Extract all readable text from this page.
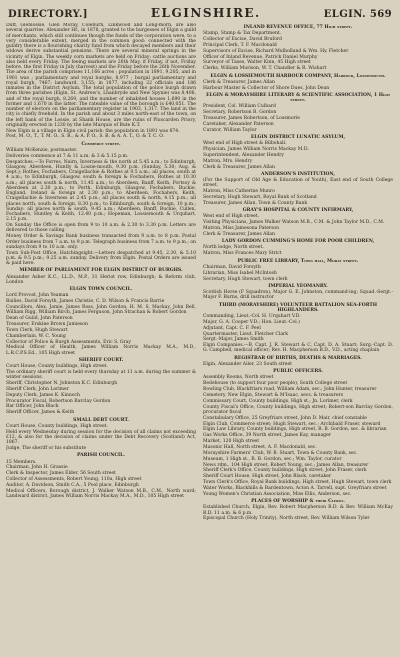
DIRECTORY.]	ELGINSHIRE.	ELGIN. 569

Duff, Glenlossie, Glen Moray, Coleburn, Linkwood and Long-morn, are also several quarries. Alexander Hf., in 1878, granted to the burgesses of Elgin a guild of merchants, which still continues though the funds of the corporation were, to a very considerable extent, merged in the common good: connected with the guildry there is a flourishing charity fund from which decayed members and their widows derive substantial pensions. There are several mineral springs in the vicinity of Elgin. The weekly corn markets are held on Friday: cattle auctions are also held every Friday. The feeing markets are 26th May, if Friday, if not, Friday before, the first Friday in July (harvest) and the Friday before the 26th November. The area of the parish comprises 11,166 acres ; population in 1891, 9,285, and in 1901 was ; parliamentary and royal burghs, 8,977 ; burgal parliamentary and royal burgh, 7467; landward, 3,155; in 1877, including 22 officials and 186 inmates in the District Asylum. The total population of the police burgh drawn from three parishes (Elgin, St. Andrew's, Lhanbryde and New Spynie) was 8,406, and of the royal burgh, 8,269, and the number of inhabited houses 1,690 in the former and 1,670 in the latter. The rateable value of the borough is £40,051. The number of electors on the parliamentary register in 1903, 1,317. The land in the city is chiefly freehold. In the parish and about 3 miles north-east of the town, on the left bank of the Lossie, at Shank House, are the ruins of Pluscarden Priory, originally erected in 1230 by the late Marquis of Bute K.T.

New Elgin is a village in Elgin civil parish: the population in 1891 was 874.

Post, M. O., T., T. M. O., S. B., & A. P. O., S. B. & A. A. T., O. & T. C. O.

Commerce street.

William McKenzie, postmaster.

Deliveries commence at 7 & 11 a.m. & 3 & 5.15 p.m.

Despatches.—To Forres, Nairn, Inverness & the north at 5.45 a.m.; to Edinburgh, Glasgow, Aberdeen, Huntly & Lossie-mouth, 9.30 p.m. (Sunday, 5.30; Aug. & Sept.); Rothes, Fochabers, Craigellachie & Rothes at 9.5 a.m.; all places, south at 4 a.m.; to Edinburgh, Glasgow, south & foreign & Fochabers, Rothes at 10.30 a.m.; all places south & north, 11.45 a.m.; to Aberdeen, Banff, Keith, Portsoy & Aberdeen at 2.30 p.m.; to Perth, Edinburgh, Glasgow, Fochabers, Buckie, England, Ireland & foreign at 2.30 p.m.; to Aberdeen, Fochabers, Keith, Craigellachie & Inverness at 2.45 p.m.; all places south & north, 4.15 p.m.; all places north, south & foreign, 8.30 p.m.; to Edinburgh, south & foreign, 10 p.m.; Sunday: all places north & south, 9.45 a.m.; Aberdeen, Banff, Buckie, Cullen, Fochabers, Huntley & Keith, 12.40 p.m.; Hopeman, Lossiemouth & Urquhart, 2.15 p.m.

On Sunday the Office is open from 9 to 10 a.m. & 2.30 to 3.30 p.m. Letters are delivered to those calling.

Money Order & Savings Bank business transacted from 9 a.m. to 8 p.m. Postal Order business from 7 a.m. to 9 p.m. Telegraph business from 7 a.m. to 9 p.m.; on sundays from 9 to 10 a.m. only.

Town Sub-Post Office, Hatchingsight.—Letters despatched at 9.45, 2.30, & 5.10 p.m. & 9.5 p.m.; 9.25 a.m. sunday. Delivery from Elgin. Postal Orders are issued & paid here.

MEMBER OF PARLIAMENT FOR ELGIN DISTRICT OF BURGHS.

Alexander Asher K.C., LL.D., M.P., 31 Heriot row, Edinburgh; & Reform club, London

ELGIN TOWN COUNCIL.

Lord Provost, John Yeaman

Bailies, David Forsyth, James Christie, C. D. Wilson & Francis Barrie

Councillors, Alex. Jamie, James Ross, John Gordon, H. M. S. Mackay, John Bell, William Rigg, William Birch, James Ferguson, John Strachan & Robert Gordon

Dean of Guild, John Paterson

Treasurer, Erskine Brown Jamieson

Town Clerk, Hugh Stewart

Chamberlain, W. C. Young

Collector of Police & Burgh Assessments, Eric S. Gray

Medical Officer of Health, James William Norris Mackay M.A., M.D., L.R.C.P.S.Ed., 105 High street

SHERIFF COURT.

Court House, County buildings, High street.

The ordinary sheriff court is held every thursday at 11 a.m. during the summer & winter sessions.

Sheriff, Christopher N. Johnston K.C. Edinburgh

Sheriff Clerk, John Lorimer

Deputy Clerk, James K. Kinnoch

Procurator Fiscal, Robertson Barclay Gordon

Bar Officer, John Black

Sheriff Officer, James & Keith

SMALL DEBT COURT.

Court House, County buildings, High street.

Held every Wednesday during session for the decision of all claims not exceeding £12, & also for the decision of claims under the Debt Recovery (Scotland) Act, 1867.

Judge, The sheriff or his substitute

PARISH COUNCIL.

15 Members.

Chairman, John H. Grassie

Clerk & Inspector, James Elder, 56 South street

Collector of Assessments, Robert Young, 110a, High street

Auditor, A. Davidson, Smith C.A., 5 Pool place, Edinburgh

Medical Officers, Borough district, J. Walker Watson M.B., C.M., North ward; Landward district, James William Norris Mackay M.A., M.D., 105 High street

INLAND REVENUE OFFICE, 77 High street.

Stamp, Stamp & Tax Department.

Collector of Excise, David Bruford

Principal Clerk, T. F. Macdonald

Supervisors of Excise, Richard Mulholland & Wm. Hy. Fletcher

Officer of Inland Revenue, Patrick Daniel Murphy

Surveyor of Taxes, Walter Kinn, 45 High street

Clerks, William Murison, W. T. Chandler & R. Wishart

ELGIN & LOSSIEMOUTH HARBOUR COMPANY, Harbour, Lossiemouth.

Clerk & Treasurer, James Allan

Harbour Master & Collector of Shore Dues, John Dean

ELGIN & MORAYSHIRE LITERARY & SCIENTIFIC ASSOCIATION, 1 High street.

President, Col. William Culbard

Secretary, Robertson B. Gordon

Treasurer, James Robertson, of Lossmorie

Caretaker, Alexander Paterson

Curator, William Taylor

ELGIN DISTRICT LUNATIC ASYLUM,

West end of High street & Bilbohall.

Physician, James William Norris Mackay M.D.

Superintendent, Alexander Hendry

Matron, Mrs. Hendry

Clerk & Treasurer, James Allan

ANDERSON'S INSTITUTION,

(For the Support of Old Age & Education of Youth), East end of South College street.

Matron, Miss Catherine Munro

Secretary, Hugh Stewart, Royal Bank of Scotland

Treasurer, James Allan, Town & County Bank

GRAY'S HOSPITAL & COUNTY INFIRMARY,

West end of High street.

Visiting Physicians, James Walker Watson M.B., C.M. & John Taylor M.D., C.M.

Matron, Miss Jamesona Paterson

Clerk & Treasurer, James Allan

LADY GORDON CUMMING'S HOME FOR POOR CHILDREN,

North lodge, North street.

Matron, Miss Frances Mary Strict

PUBLIC FREE LIBRARY, Town hall, Moray street.

Chairman, David Forsyth

Librarian, Miss Isabel McIntosh

Secretary, Hugh Stewart, town clerk

IMPERIAL YEOMANRY.

Scottish Horse (F Squadron), Major G. E. Johnston, command-ing; Squad.-Sergt.-Major F. Burns, drill instructor

THIRD (MORAYSHIRE) VOLUNTEER BATTALION SEA-FORTH HIGHLANDERS.

Commanding, Lieut.-Col. H. Urquhart V.D.

Major, G. A. Cooper V.D.; Hon. Lieut.-Col.)

Adjutant, Capt. C. F. Peel

Quartermaster, Lieut. Fletcher Clark

Sergt.-Major, James Smith

Elgin Companies.—B, Capt. J. R. Stewart & C, Capt. D. A. Stuart; Surg.-Capt. D. G. Campbell, medical officer; Rev. H. Macpherson B.D., V.D., acting chaplain

REGISTRAR OF BIRTHS, DEATHS & MARRIAGES.

Elgin, Alexander Ailer, 23 South street

PUBLIC OFFICERS.

Assembly Rooms, North street

Bedehouse (to support four poor people), South College street

Bowling Club, Blackfriars road, William Adam, sec.; John Hunter, treasurer

Cemetery, New Elgin, Stewart & M'Isaac, secs. & treasurers

Commissary Court, County buildings, High st.; Jn. Lorimer, clerk

County Fiscal's Office, County buildings, High street; Robert-son Barclay Gordon, procurator fiscal

Constabulary Office, 25 Greyfriars street, John D. Mair, chief constable

Elgin Club, Commerce street; Hugh Stewart, sec.; Archibald Fraser, steward

Elgin Law Library, County buildings, High street, R. B. Gordon, sec. & librarian

Gas Works Office, 39 North street, James Kay, manager

Market, 120 High street

Masonic Hall, North street, A. F. Macdonald, sec.

Morayshire Farmers' Club, W. B. Stuart, Town & County Bank, sec.

Museum, 1 High st., R. B. Gordon, sec.; Wm. Taylor, curator

News rdm., 104 High street, Robert Young, sec.; James Allan, treasurer

Sheriff Clerk's Office, County buildings, High street, John Fraser, clerk

Sheriff Court House, High street, John Black, caretaker

Town Clerk's Office, Royal Bank buildings, High street, Hugh Stewart, town clerk

Water Works, Blackhills & Bardentown, Acton A. Tarrell, supt. Greyfriars street

Young Women's Christian Association, Miss Ellis, Anderson, sec.

PLACES OF WORSHIP & their Clergy.

Established Church, Elgin, Rev. Robert Macpherson B.D. & Rev. William McKay B.D. 11 a.m. & 6 p.m.

Episcopal Church (Holy Trinity), North street, Rev. William Wilson Tyler
